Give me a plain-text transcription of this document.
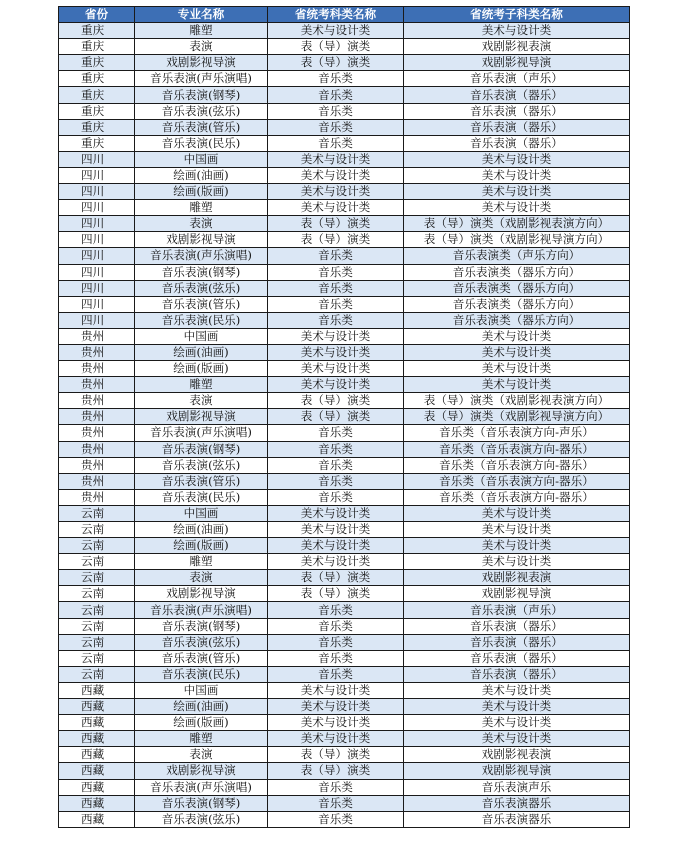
省份	专业名称	省统考科类名称	省统考子科类名称
重庆	雕塑	美术与设计类	美术与设计类
重庆	表演	表（导）演类	戏剧影视表演
重庆	戏剧影视导演	表（导）演类	戏剧影视导演
重庆	音乐表演(声乐演唱)	音乐类	音乐表演（声乐）
重庆	音乐表演(钢琴)	音乐类	音乐表演（器乐）
重庆	音乐表演(弦乐)	音乐类	音乐表演（器乐）
重庆	音乐表演(管乐)	音乐类	音乐表演（器乐）
重庆	音乐表演(民乐)	音乐类	音乐表演（器乐）
四川	中国画	美术与设计类	美术与设计类
四川	绘画(油画)	美术与设计类	美术与设计类
四川	绘画(版画)	美术与设计类	美术与设计类
四川	雕塑	美术与设计类	美术与设计类
四川	表演	表（导）演类	表（导）演类（戏剧影视表演方向）
四川	戏剧影视导演	表（导）演类	表（导）演类（戏剧影视导演方向）
四川	音乐表演(声乐演唱)	音乐类	音乐表演类（声乐方向）
四川	音乐表演(钢琴)	音乐类	音乐表演类（器乐方向）
四川	音乐表演(弦乐)	音乐类	音乐表演类（器乐方向）
四川	音乐表演(管乐)	音乐类	音乐表演类（器乐方向）
四川	音乐表演(民乐)	音乐类	音乐表演类（器乐方向）
贵州	中国画	美术与设计类	美术与设计类
贵州	绘画(油画)	美术与设计类	美术与设计类
贵州	绘画(版画)	美术与设计类	美术与设计类
贵州	雕塑	美术与设计类	美术与设计类
贵州	表演	表（导）演类	表（导）演类（戏剧影视表演方向）
贵州	戏剧影视导演	表（导）演类	表（导）演类（戏剧影视导演方向）
贵州	音乐表演(声乐演唱)	音乐类	音乐类（音乐表演方向-声乐）
贵州	音乐表演(钢琴)	音乐类	音乐类（音乐表演方向-器乐）
贵州	音乐表演(弦乐)	音乐类	音乐类（音乐表演方向-器乐）
贵州	音乐表演(管乐)	音乐类	音乐类（音乐表演方向-器乐）
贵州	音乐表演(民乐)	音乐类	音乐类（音乐表演方向-器乐）
云南	中国画	美术与设计类	美术与设计类
云南	绘画(油画)	美术与设计类	美术与设计类
云南	绘画(版画)	美术与设计类	美术与设计类
云南	雕塑	美术与设计类	美术与设计类
云南	表演	表（导）演类	戏剧影视表演
云南	戏剧影视导演	表（导）演类	戏剧影视导演
云南	音乐表演(声乐演唱)	音乐类	音乐表演（声乐）
云南	音乐表演(钢琴)	音乐类	音乐表演（器乐）
云南	音乐表演(弦乐)	音乐类	音乐表演（器乐）
云南	音乐表演(管乐)	音乐类	音乐表演（器乐）
云南	音乐表演(民乐)	音乐类	音乐表演（器乐）
西藏	中国画	美术与设计类	美术与设计类
西藏	绘画(油画)	美术与设计类	美术与设计类
西藏	绘画(版画)	美术与设计类	美术与设计类
西藏	雕塑	美术与设计类	美术与设计类
西藏	表演	表（导）演类	戏剧影视表演
西藏	戏剧影视导演	表（导）演类	戏剧影视导演
西藏	音乐表演(声乐演唱)	音乐类	音乐表演声乐
西藏	音乐表演(钢琴)	音乐类	音乐表演器乐
西藏	音乐表演(弦乐)	音乐类	音乐表演器乐
